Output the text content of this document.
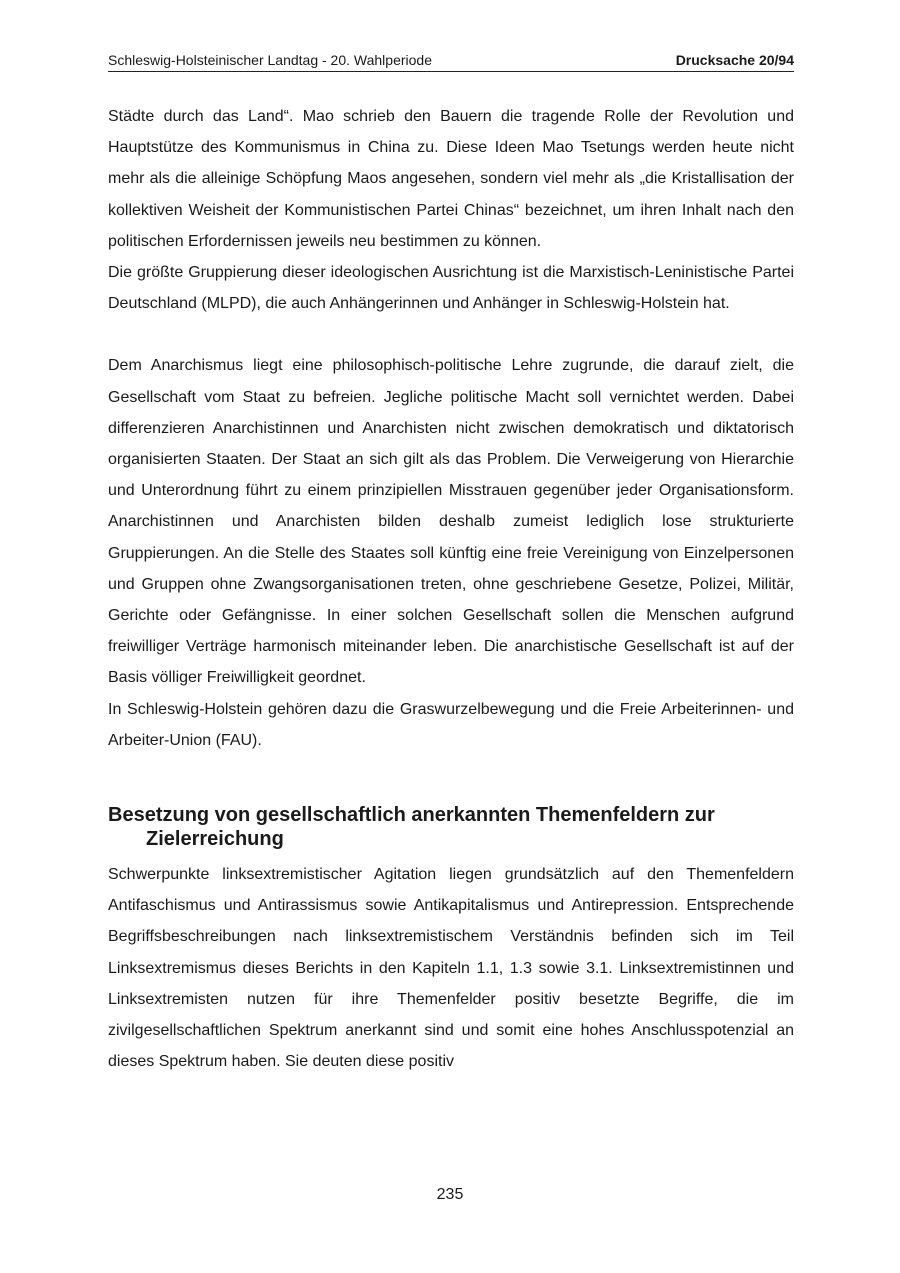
Schleswig-Holsteinischer Landtag - 20. Wahlperiode	Drucksache 20/94

Städte durch das Land“. Mao schrieb den Bauern die tragende Rolle der Revolution und Hauptstütze des Kommunismus in China zu. Diese Ideen Mao Tsetungs werden heute nicht mehr als die alleinige Schöpfung Maos angesehen, sondern viel mehr als „die Kristallisation der kollektiven Weisheit der Kommunistischen Partei Chinas“ bezeichnet, um ihren Inhalt nach den politischen Erfordernissen jeweils neu bestimmen zu können.

Die größte Gruppierung dieser ideologischen Ausrichtung ist die Marxistisch-Leninistische Partei Deutschland (MLPD), die auch Anhängerinnen und Anhänger in Schleswig-Holstein hat.

Dem Anarchismus liegt eine philosophisch-politische Lehre zugrunde, die darauf zielt, die Gesellschaft vom Staat zu befreien. Jegliche politische Macht soll vernichtet werden. Dabei differenzieren Anarchistinnen und Anarchisten nicht zwischen demokratisch und diktatorisch organisierten Staaten. Der Staat an sich gilt als das Problem. Die Verweigerung von Hierarchie und Unterordnung führt zu einem prinzipiellen Misstrauen gegenüber jeder Organisationsform. Anarchistinnen und Anarchisten bilden deshalb zumeist lediglich lose strukturierte Gruppierungen. An die Stelle des Staates soll künftig eine freie Vereinigung von Einzelpersonen und Gruppen ohne Zwangsorganisationen treten, ohne geschriebene Gesetze, Polizei, Militär, Gerichte oder Gefängnisse. In einer solchen Gesellschaft sollen die Menschen aufgrund freiwilliger Verträge harmonisch miteinander leben. Die anarchistische Gesellschaft ist auf der Basis völliger Freiwilligkeit geordnet.

In Schleswig-Holstein gehören dazu die Graswurzelbewegung und die Freie Arbeiterinnen- und Arbeiter-Union (FAU).

Besetzung von gesellschaftlich anerkannten Themenfeldern zur Zielerreichung

Schwerpunkte linksextremistischer Agitation liegen grundsätzlich auf den Themenfeldern Antifaschismus und Antirassismus sowie Antikapitalismus und Antirepression. Entsprechende Begriffsbeschreibungen nach linksextremistischem Verständnis befinden sich im Teil Linksextremismus dieses Berichts in den Kapiteln 1.1, 1.3 sowie 3.1. Linksextremistinnen und Linksextremisten nutzen für ihre Themenfelder positiv besetzte Begriffe, die im zivilgesellschaftlichen Spektrum anerkannt sind und somit eine hohes Anschlusspotenzial an dieses Spektrum haben. Sie deuten diese positiv

235
